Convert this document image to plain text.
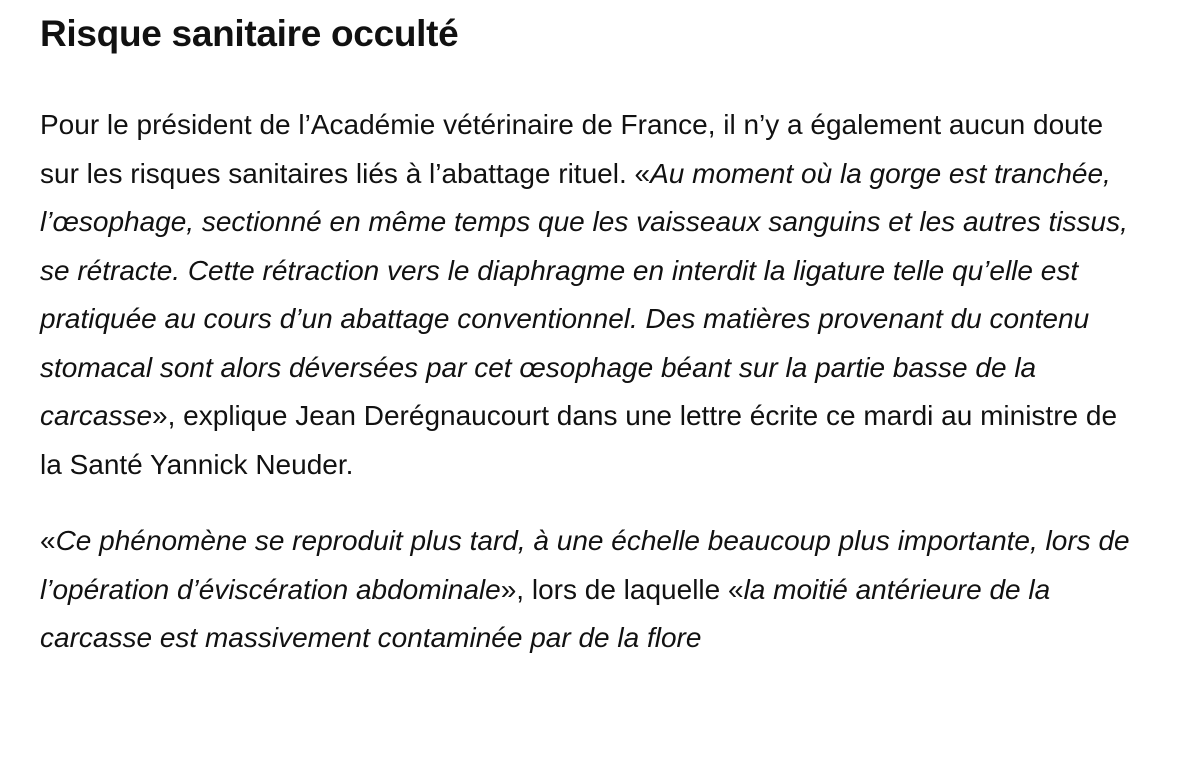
Risque sanitaire occulté

Pour le président de l’Académie vétérinaire de France, il n’y a également aucun doute sur les risques sanitaires liés à l’abattage rituel. «Au moment où la gorge est tranchée, l’œsophage, sectionné en même temps que les vaisseaux sanguins et les autres tissus, se rétracte. Cette rétraction vers le diaphragme en interdit la ligature telle qu’elle est pratiquée au cours d’un abattage conventionnel. Des matières provenant du contenu stomacal sont alors déversées par cet œsophage béant sur la partie basse de la carcasse», explique Jean Derégnaucourt dans une lettre écrite ce mardi au ministre de la Santé Yannick Neuder.

«Ce phénomène se reproduit plus tard, à une échelle beaucoup plus importante, lors de l’opération d’éviscération abdominale», lors de laquelle «la moitié antérieure de la carcasse est massivement contaminée par de la flore
